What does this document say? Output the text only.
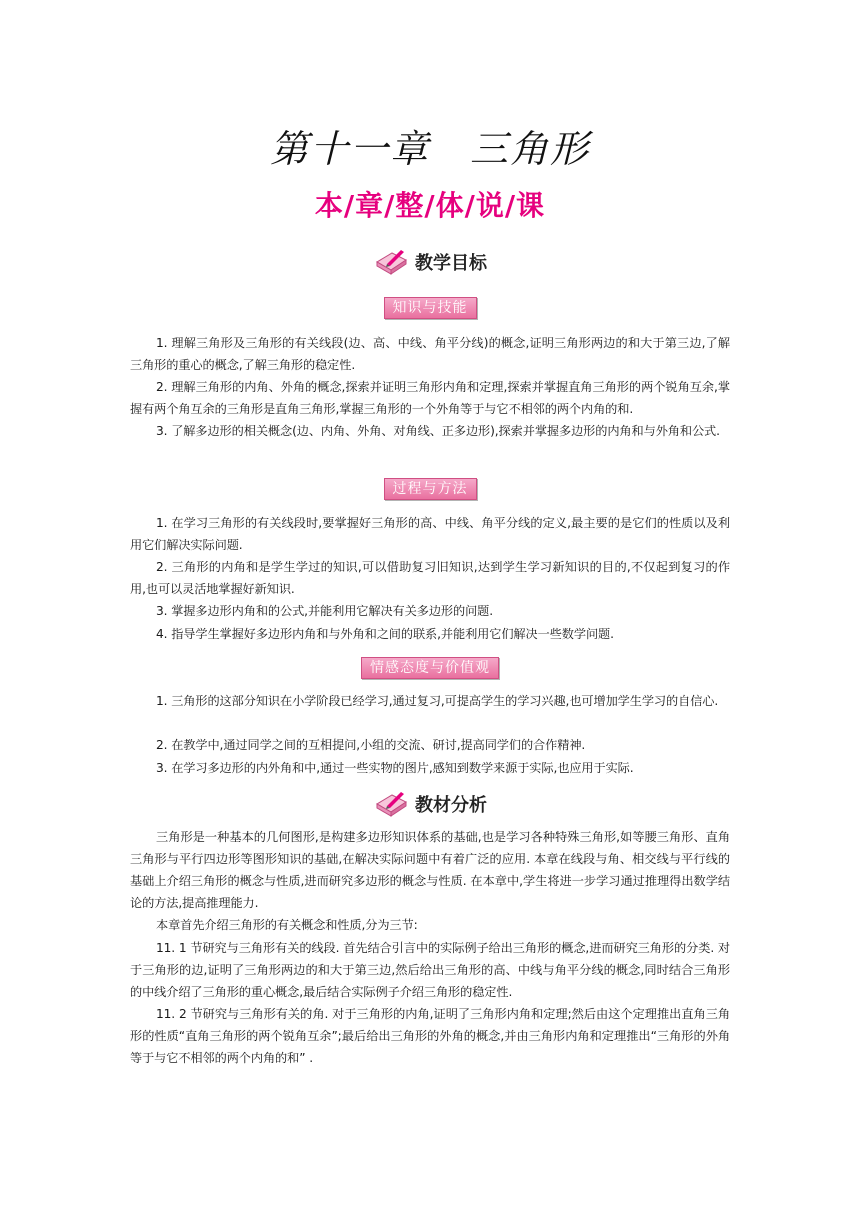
第十一章　三角形
本/章/整/体/说/课
教学目标
知识与技能

1. 理解三角形及三角形的有关线段(边、高、中线、角平分线)的概念,证明三角形两边的和大于第三边,了解三角形的重心的概念,了解三角形的稳定性.

2. 理解三角形的内角、外角的概念,探索并证明三角形内角和定理,探索并掌握直角三角形的两个锐角互余,掌握有两个角互余的三角形是直角三角形,掌握三角形的一个外角等于与它不相邻的两个内角的和.

3. 了解多边形的相关概念(边、内角、外角、对角线、正多边形),探索并掌握多边形的内角和与外角和公式.

过程与方法

1. 在学习三角形的有关线段时,要掌握好三角形的高、中线、角平分线的定义,最主要的是它们的性质以及利用它们解决实际问题.

2. 三角形的内角和是学生学过的知识,可以借助复习旧知识,达到学生学习新知识的目的,不仅起到复习的作用,也可以灵活地掌握好新知识.

3. 掌握多边形内角和的公式,并能利用它解决有关多边形的问题.

4. 指导学生掌握好多边形内角和与外角和之间的联系,并能利用它们解决一些数学问题.

情感态度与价值观

1. 三角形的这部分知识在小学阶段已经学习,通过复习,可提高学生的学习兴趣,也可增加学生学习的自信心.

2. 在教学中,通过同学之间的互相提问,小组的交流、研讨,提高同学们的合作精神.

3. 在学习多边形的内外角和中,通过一些实物的图片,感知到数学来源于实际,也应用于实际.

教材分析

三角形是一种基本的几何图形,是构建多边形知识体系的基础,也是学习各种特殊三角形,如等腰三角形、直角三角形与平行四边形等图形知识的基础,在解决实际问题中有着广泛的应用. 本章在线段与角、相交线与平行线的基础上介绍三角形的概念与性质,进而研究多边形的概念与性质. 在本章中,学生将进一步学习通过推理得出数学结论的方法,提高推理能力.

本章首先介绍三角形的有关概念和性质,分为三节:

11. 1 节研究与三角形有关的线段. 首先结合引言中的实际例子给出三角形的概念,进而研究三角形的分类. 对于三角形的边,证明了三角形两边的和大于第三边,然后给出三角形的高、中线与角平分线的概念,同时结合三角形的中线介绍了三角形的重心概念,最后结合实际例子介绍三角形的稳定性.

11. 2 节研究与三角形有关的角. 对于三角形的内角,证明了三角形内角和定理;然后由这个定理推出直角三角形的性质“直角三角形的两个锐角互余”;最后给出三角形的外角的概念,并由三角形内角和定理推出“三角形的外角等于与它不相邻的两个内角的和” .
